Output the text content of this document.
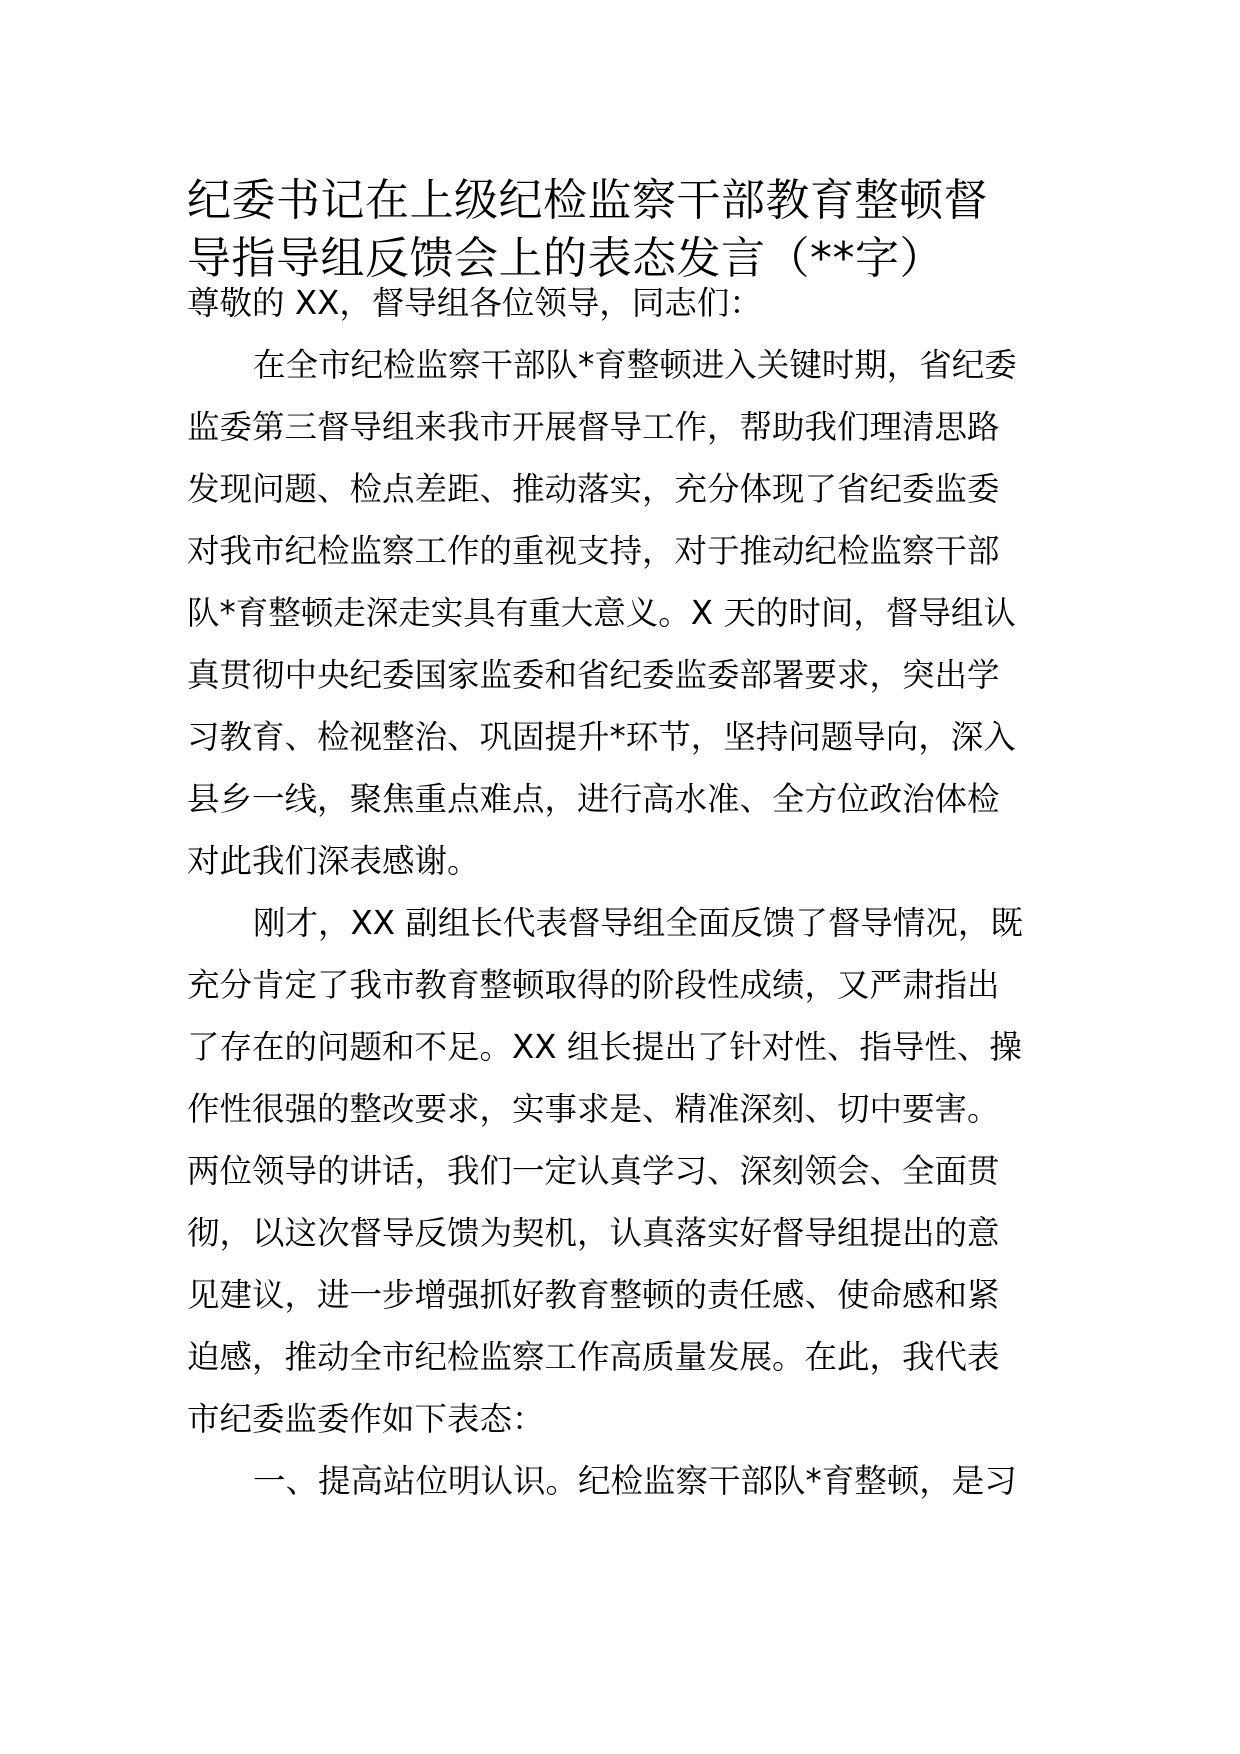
纪委书记在上级纪检监察干部教育整顿督
导指导组反馈会上的表态发言（**字）
尊敬的 XX，督导组各位领导，同志们：
在全市纪检监察干部队*育整顿进入关键时期，省纪委
监委第三督导组来我市开展督导工作，帮助我们理清思路
发现问题、检点差距、推动落实，充分体现了省纪委监委
对我市纪检监察工作的重视支持，对于推动纪检监察干部
队*育整顿走深走实具有重大意义。X 天的时间，督导组认
真贯彻中央纪委国家监委和省纪委监委部署要求，突出学
习教育、检视整治、巩固提升*环节，坚持问题导向，深入
县乡一线，聚焦重点难点，进行高水准、全方位政治体检
对此我们深表感谢。
刚才，XX 副组长代表督导组全面反馈了督导情况，既
充分肯定了我市教育整顿取得的阶段性成绩，又严肃指出
了存在的问题和不足。XX 组长提出了针对性、指导性、操
作性很强的整改要求，实事求是、精准深刻、切中要害。
两位领导的讲话，我们一定认真学习、深刻领会、全面贯
彻，以这次督导反馈为契机，认真落实好督导组提出的意
见建议，进一步增强抓好教育整顿的责任感、使命感和紧
迫感，推动全市纪检监察工作高质量发展。在此，我代表
市纪委监委作如下表态：
一、提高站位明认识。纪检监察干部队*育整顿，是习
